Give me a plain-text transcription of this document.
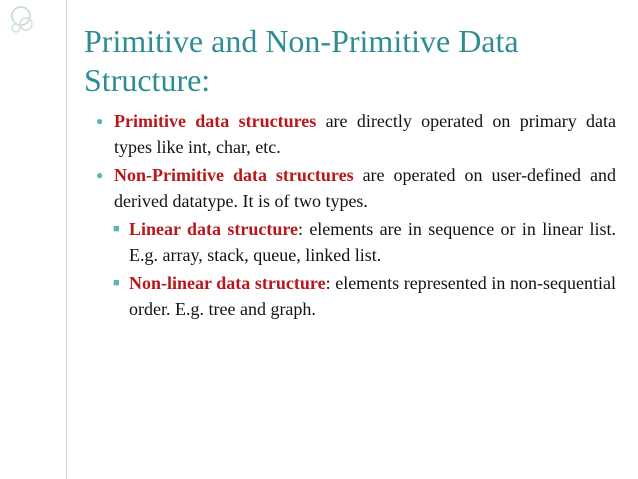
Primitive and Non-Primitive Data Structure:
● Primitive data structures are directly operated on primary data types like int, char, etc.
● Non-Primitive data structures are operated on user-defined and derived datatype. It is of two types.
■ Linear data structure: elements are in sequence or in linear list. E.g. array, stack, queue, linked list.
■ Non-linear data structure: elements represented in non-sequential order. E.g. tree and graph.
